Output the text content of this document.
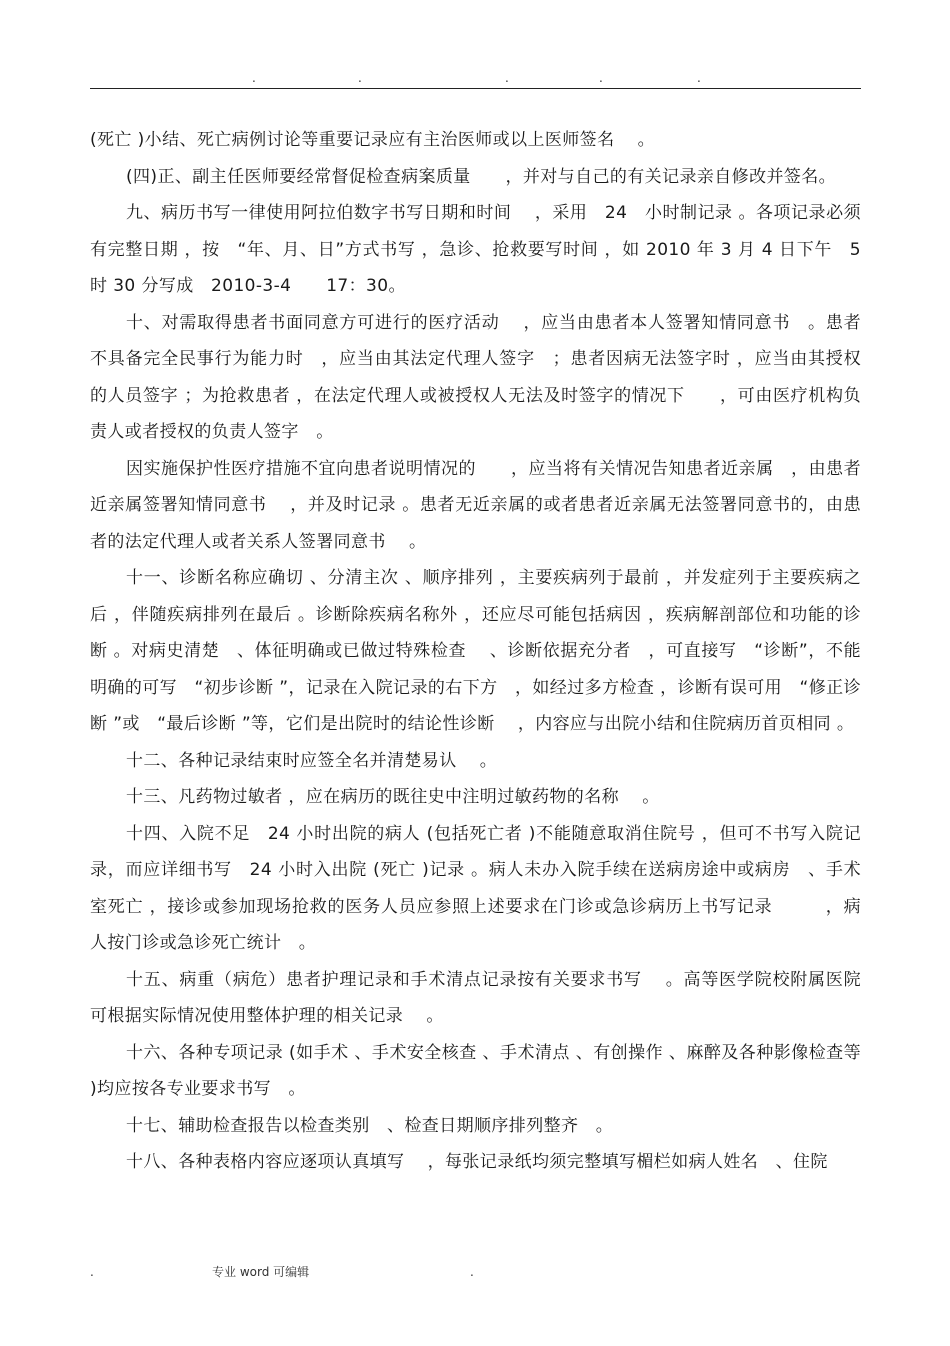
.	.	.	.	.

(死亡 )小结、死亡病例讨论等重要记录应有主治医师或以上医师签名　 。

(四)正、副主任医师要经常督促检查病案质量　　，并对与自己的有关记录亲自修改并签名。

九、病历书写一律使用阿拉伯数字书写日期和时间　 ，采用　24　小时制记录 。各项记录必须有完整日期 ，按　“年、月、日”方式书写 ，急诊、抢救要写时间 ，如 2010 年 3 月 4 日下午　5 时 30 分写成　2010-3-4　　17：30。

十、对需取得患者书面同意方可进行的医疗活动　 ，应当由患者本人签署知情同意书　。患者不具备完全民事行为能力时　，应当由其法定代理人签字　；患者因病无法签字时 ，应当由其授权的人员签字 ；为抢救患者 ，在法定代理人或被授权人无法及时签字的情况下　　，可由医疗机构负责人或者授权的负责人签字　。

因实施保护性医疗措施不宜向患者说明情况的　　，应当将有关情况告知患者近亲属　，由患者近亲属签署知情同意书　 ，并及时记录 。患者无近亲属的或者患者近亲属无法签署同意书的，由患者的法定代理人或者关系人签署同意书　 。

十一、诊断名称应确切 、分清主次 、顺序排列 ，主要疾病列于最前 ，并发症列于主要疾病之后 ，伴随疾病排列在最后 。诊断除疾病名称外 ，还应尽可能包括病因 ，疾病解剖部位和功能的诊断 。对病史清楚　、体征明确或已做过特殊检查　 、诊断依据充分者　，可直接写　“诊断”，不能明确的可写　“初步诊断 ”，记录在入院记录的右下方　，如经过多方检查 ，诊断有误可用　“修正诊断 ”或　“最后诊断 ”等，它们是出院时的结论性诊断　 ，内容应与出院小结和住院病历首页相同 。

十二、各种记录结束时应签全名并清楚易认　 。

十三、凡药物过敏者 ，应在病历的既往史中注明过敏药物的名称　 。

十四、入院不足　24 小时出院的病人 (包括死亡者 )不能随意取消住院号 ，但可不书写入院记录，而应详细书写　24 小时入出院 (死亡 )记录 。病人未办入院手续在送病房途中或病房　、手术室死亡 ，接诊或参加现场抢救的医务人员应参照上述要求在门诊或急诊病历上书写记录　　　，病人按门诊或急诊死亡统计　。

十五、病重（病危）患者护理记录和手术清点记录按有关要求书写　 。高等医学院校附属医院可根据实际情况使用整体护理的相关记录　 。

十六、各种专项记录 (如手术 、手术安全核查 、手术清点 、有创操作 、麻醉及各种影像检查等 )均应按各专业要求书写　。

十七、辅助检查报告以检查类别　、检查日期顺序排列整齐　。

十八、各种表格内容应逐项认真填写　 ，每张记录纸均须完整填写楣栏如病人姓名　、住院

.	专业 word 可编辑	.
